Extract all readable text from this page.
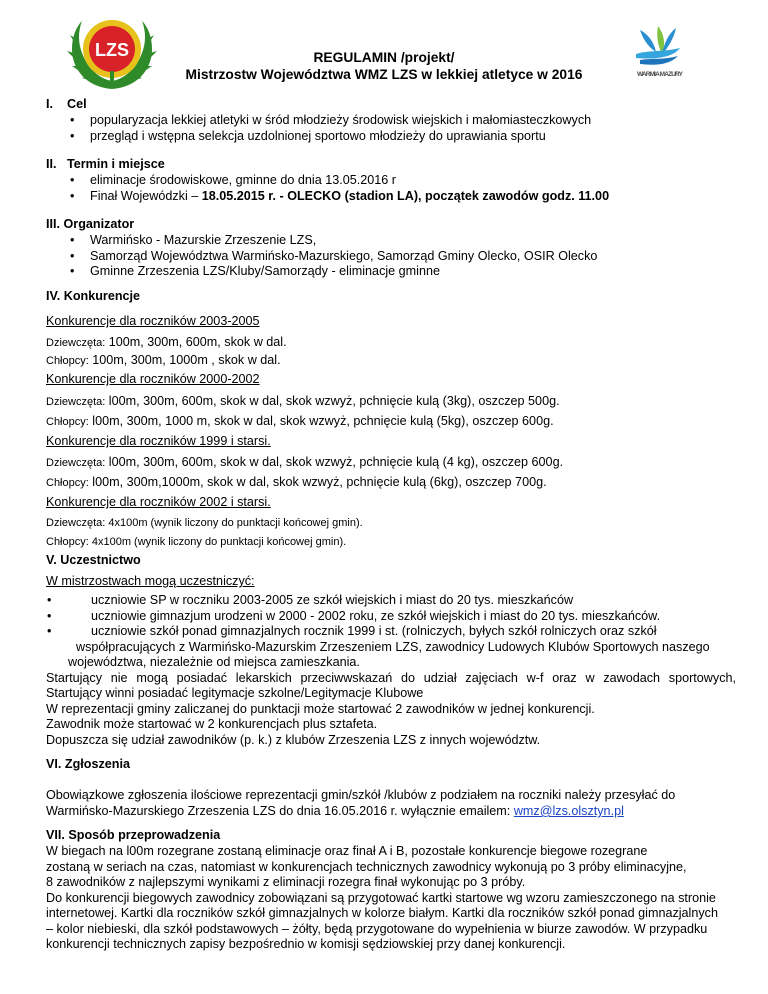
LZS
WARMIA MAZURY
REGULAMIN /projekt/
Mistrzostw Województwa WMZ LZS w lekkiej atletyce w 2016
I. Cel
• popularyzacja lekkiej atletyki w śród młodzieży środowisk wiejskich i małomiasteczkowych
• przegląd i wstępna selekcja uzdolnionej sportowo młodzieży do uprawiania sportu
II. Termin i miejsce
• eliminacje środowiskowe, gminne do dnia 13.05.2016 r
• Finał Wojewódzki – 18.05.2015 r. - OLECKO (stadion LA), początek zawodów godz. 11.00
III. Organizator
• Warmińsko - Mazurskie Zrzeszenie LZS,
• Samorząd Województwa Warmińsko-Mazurskiego, Samorząd Gminy Olecko, OSIR Olecko
• Gminne Zrzeszenia LZS/Kluby/Samorządy - eliminacje gminne
IV. Konkurencje
Konkurencje dla roczników 2003-2005
Dziewczęta: 100m, 300m, 600m, skok w dal.
Chłopcy: 100m, 300m, 1000m , skok w dal.
Konkurencje dla roczników 2000-2002
Dziewczęta: l00m, 300m, 600m, skok w dal, skok wzwyż, pchnięcie kulą (3kg), oszczep 500g.
Chłopcy: l00m, 300m, 1000 m, skok w dal, skok wzwyż, pchnięcie kulą (5kg), oszczep 600g.
Konkurencje dla roczników 1999 i starsi.
Dziewczęta: l00m, 300m, 600m, skok w dal, skok wzwyż, pchnięcie kulą (4 kg), oszczep 600g.
Chłopcy: l00m, 300m,1000m, skok w dal, skok wzwyż, pchnięcie kulą (6kg), oszczep 700g.
Konkurencje dla roczników 2002 i starsi.
Dziewczęta: 4x100m (wynik liczony do punktacji końcowej gmin).
Chłopcy: 4x100m (wynik liczony do punktacji końcowej gmin).
V. Uczestnictwo
W mistrzostwach mogą uczestniczyć:
• uczniowie SP w roczniku 2003-2005 ze szkół wiejskich i miast do 20 tys. mieszkańców
• uczniowie gimnazjum urodzeni w 2000 - 2002 roku, ze szkół wiejskich i miast do 20 tys. mieszkańców.
• uczniowie szkół ponad gimnazjalnych rocznik 1999 i st. (rolniczych, byłych szkół rolniczych oraz szkół
współpracujących z Warmińsko-Mazurskim Zrzeszeniem LZS, zawodnicy Ludowych Klubów Sportowych naszego
województwa, niezależnie od miejsca zamieszkania.
Startujący nie mogą posiadać lekarskich przeciwwskazań do udział zajęciach w-f oraz w zawodach sportowych,
Startujący winni posiadać legitymacje szkolne/Legitymacje Klubowe
W reprezentacji gminy zaliczanej do punktacji może startować 2 zawodników w jednej konkurencji.
Zawodnik może startować w 2 konkurencjach plus sztafeta.
Dopuszcza się udział zawodników (p. k.) z klubów Zrzeszenia LZS z innych województw.
VI. Zgłoszenia
Obowiązkowe zgłoszenia ilościowe reprezentacji gmin/szkół /klubów z podziałem na roczniki należy przesyłać do
Warmińsko-Mazurskiego Zrzeszenia LZS do dnia 16.05.2016 r. wyłącznie emailem: wmz@lzs.olsztyn.pl
VII. Sposób przeprowadzenia
W biegach na l00m rozegrane zostaną eliminacje oraz finał A i B, pozostałe konkurencje biegowe rozegrane
zostaną w seriach na czas, natomiast w konkurencjach technicznych zawodnicy wykonują po 3 próby eliminacyjne,
8 zawodników z najlepszymi wynikami z eliminacji rozegra finał wykonując po 3 próby.
Do konkurencji biegowych zawodnicy zobowiązani są przygotować kartki startowe wg wzoru zamieszczonego na stronie
internetowej. Kartki dla roczników szkół gimnazjalnych w kolorze białym. Kartki dla roczników szkół ponad gimnazjalnych
– kolor niebieski, dla szkół podstawowych – żółty, będą przygotowane do wypełnienia w biurze zawodów. W przypadku
konkurencji technicznych zapisy bezpośrednio w komisji sędziowskiej przy danej konkurencji.
